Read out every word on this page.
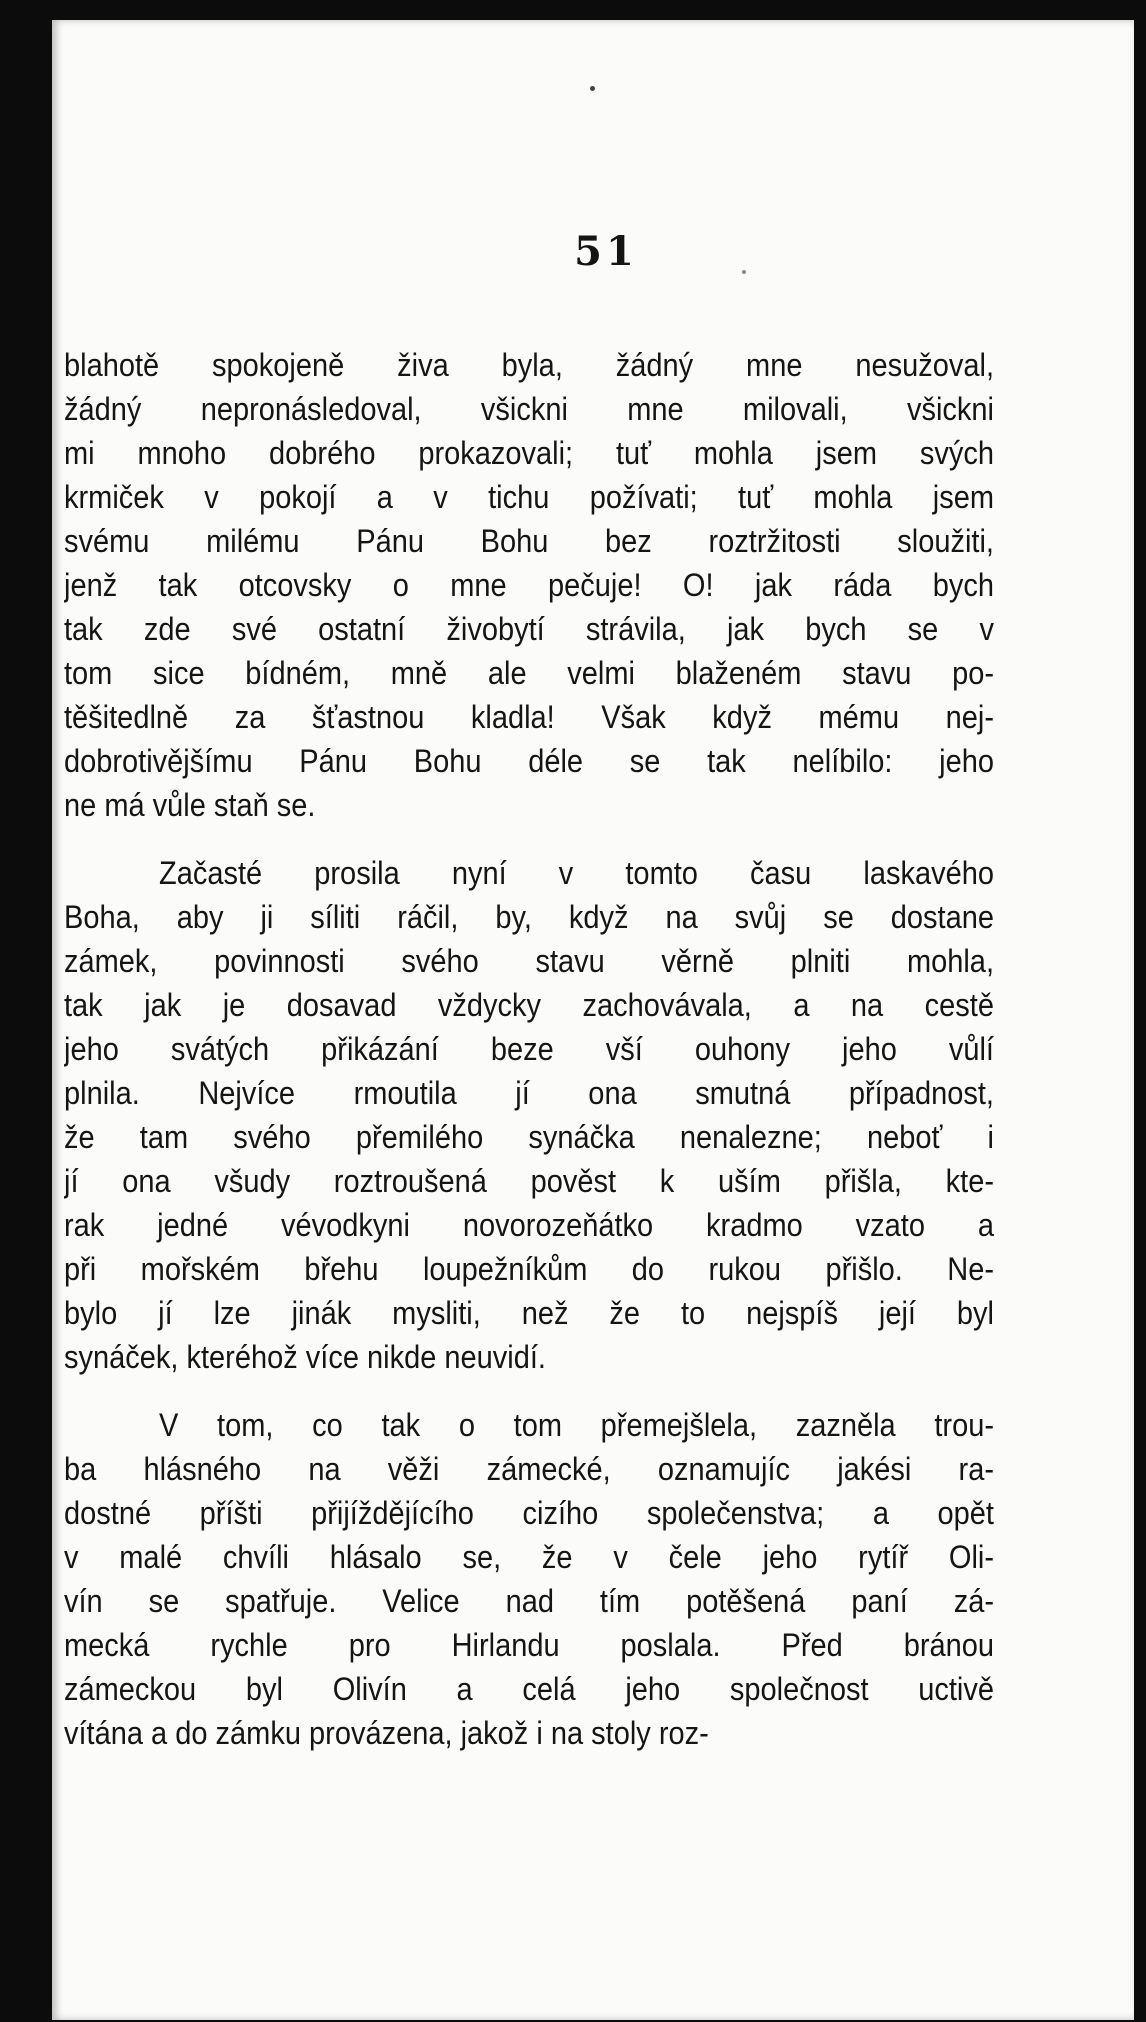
51
blahotě spokojeně živa byla, žádný mne nesužoval,
žádný nepronásledoval, všickni mne milovali, všickni
mi mnoho dobrého prokazovali; tuť mohla jsem svých
krmiček v pokojí a v tichu požívati; tuť mohla jsem
svému milému Pánu Bohu bez roztržitosti sloužiti,
jenž tak otcovsky o mne pečuje! O! jak ráda bych
tak zde své ostatní živobytí strávila, jak bych se v
tom sice bídném, mně ale velmi blaženém stavu po-
těšitedlně za šťastnou kladla! Však když mému nej-
dobrotivějšímu Pánu Bohu déle se tak nelíbilo: jeho
ne má vůle staň se.
Začasté prosila nyní v tomto času laskavého
Boha, aby ji síliti ráčil, by, když na svůj se dostane
zámek, povinnosti svého stavu věrně plniti mohla,
tak jak je dosavad vždycky zachovávala, a na cestě
jeho svátých přikázání beze vší ouhony jeho vůlí
plnila. Nejvíce rmoutila jí ona smutná případnost,
že tam svého přemilého synáčka nenalezne; neboť i
jí ona všudy roztroušená pověst k uším přišla, kte-
rak jedné vévodkyni novorozeňátko kradmo vzato a
při mořském břehu loupežníkům do rukou přišlo. Ne-
bylo jí lze jinák mysliti, než že to nejspíš její byl
synáček, kteréhož více nikde neuvidí.
V tom, co tak o tom přemejšlela, zazněla trou-
ba hlásného na věži zámecké, oznamujíc jakési ra-
dostné příšti přijíždějícího cizího společenstva; a opět
v malé chvíli hlásalo se, že v čele jeho rytíř Oli-
vín se spatřuje. Velice nad tím potěšená paní zá-
mecká rychle pro Hirlandu poslala. Před bránou
zámeckou byl Olivín a celá jeho společnost uctivě
vítána a do zámku provázena, jakož i na stoly roz-
